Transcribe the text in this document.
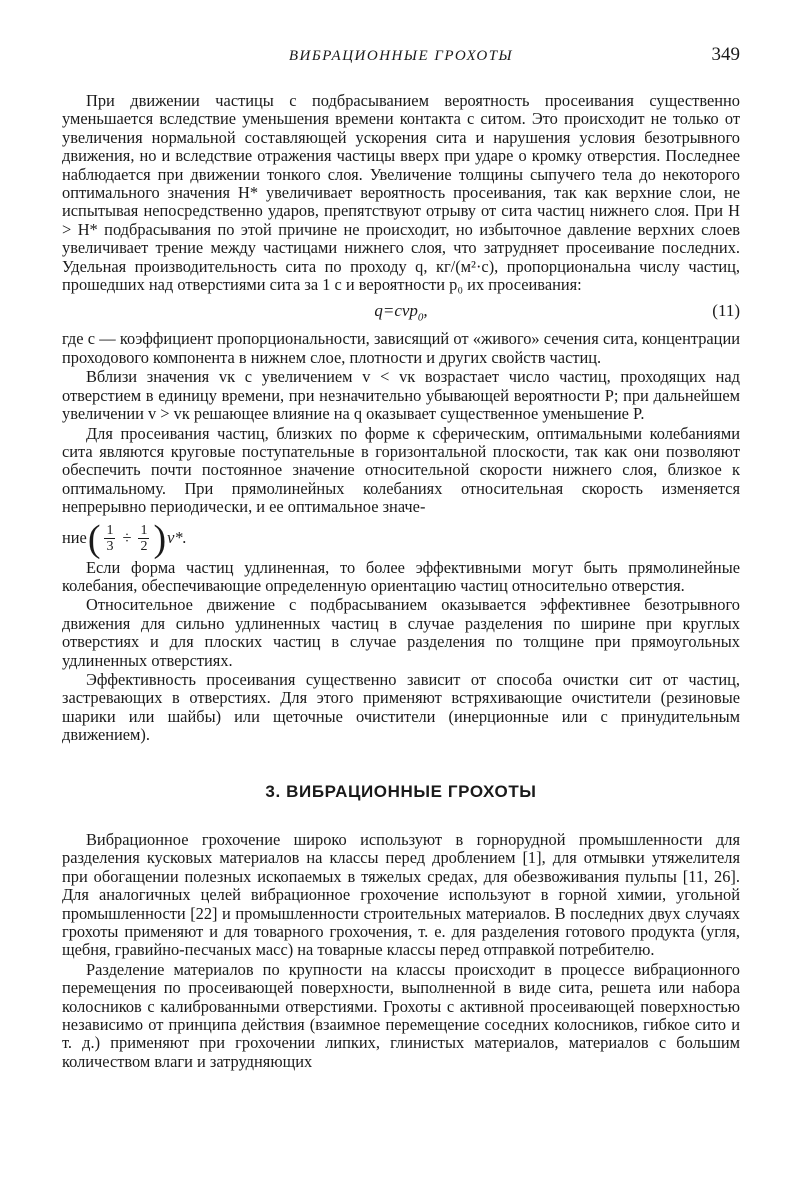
ВИБРАЦИОННЫЕ ГРОХОТЫ	349

При движении частицы с подбрасыванием вероятность просеивания существенно уменьшается вследствие уменьшения времени контакта с ситом. Это происходит не только от увеличения нормальной составляющей ускорения сита и нарушения условия безотрывного движения, но и вследствие отражения частицы вверх при ударе о кромку отверстия. Последнее наблюдается при движении тонкого слоя. Увеличение толщины сыпучего тела до некоторого оптимального значения H* увеличивает вероятность просеивания, так как верхние слои, не испытывая непосредственно ударов, препятствуют отрыву от сита частиц нижнего слоя. При H > H* подбрасывания по этой причине не происходит, но избыточное давление верхних слоев увеличивает трение между частицами нижнего слоя, что затрудняет просеивание последних. Удельная производительность сита по проходу q, кг/(м²·с), пропорциональна числу частиц, прошедших над отверстиями сита за 1 с и вероятности p₀ их просеивания:

q=cvp$_0$,	(11)

где c — коэффициент пропорциональности, зависящий от «живого» сечения сита, концентрации проходового компонента в нижнем слое, плотности и других свойств частиц.

Вблизи значения vк с увеличением v < vк возрастает число частиц, проходящих над отверстием в единицу времени, при незначительно убывающей вероятности P; при дальнейшем увеличении v > vк решающее влияние на q оказывает существенное уменьшение P.

Для просеивания частиц, близких по форме к сферическим, оптимальными колебаниями сита являются круговые поступательные в горизонтальной плоскости, так как они позволяют обеспечить почти постоянное значение относительной скорости нижнего слоя, близкое к оптимальному. При прямолинейных колебаниях относительная скорость изменяется непрерывно периодически, и ее оптимальное значе-

ние ( $\frac{1}{3} \div \frac{1}{2}$ ) v*.

Если форма частиц удлиненная, то более эффективными могут быть прямолинейные колебания, обеспечивающие определенную ориентацию частиц относительно отверстия.

Относительное движение с подбрасыванием оказывается эффективнее безотрывного движения для сильно удлиненных частиц в случае разделения по ширине при круглых отверстиях и для плоских частиц в случае разделения по толщине при прямоугольных удлиненных отверстиях.

Эффективность просеивания существенно зависит от способа очистки сит от частиц, застревающих в отверстиях. Для этого применяют встряхивающие очистители (резиновые шарики или шайбы) или щеточные очистители (инерционные или с принудительным движением).

3. ВИБРАЦИОННЫЕ ГРОХОТЫ

Вибрационное грохочение широко используют в горнорудной промышленности для разделения кусковых материалов на классы перед дроблением [1], для отмывки утяжелителя при обогащении полезных ископаемых в тяжелых средах, для обезвоживания пульпы [11, 26]. Для аналогичных целей вибрационное грохочение используют в горной химии, угольной промышленности [22] и промышленности строительных материалов. В последних двух случаях грохоты применяют и для товарного грохочения, т. е. для разделения готового продукта (угля, щебня, гравийно-песчаных масс) на товарные классы перед отправкой потребителю.

Разделение материалов по крупности на классы происходит в процессе вибрационного перемещения по просеивающей поверхности, выполненной в виде сита, решета или набора колосников с калиброванными отверстиями. Грохоты с активной просеивающей поверхностью независимо от принципа действия (взаимное перемещение соседних колосников, гибкое сито и т. д.) применяют при грохочении липких, глинистых материалов, материалов с большим количеством влаги и затрудняющих
